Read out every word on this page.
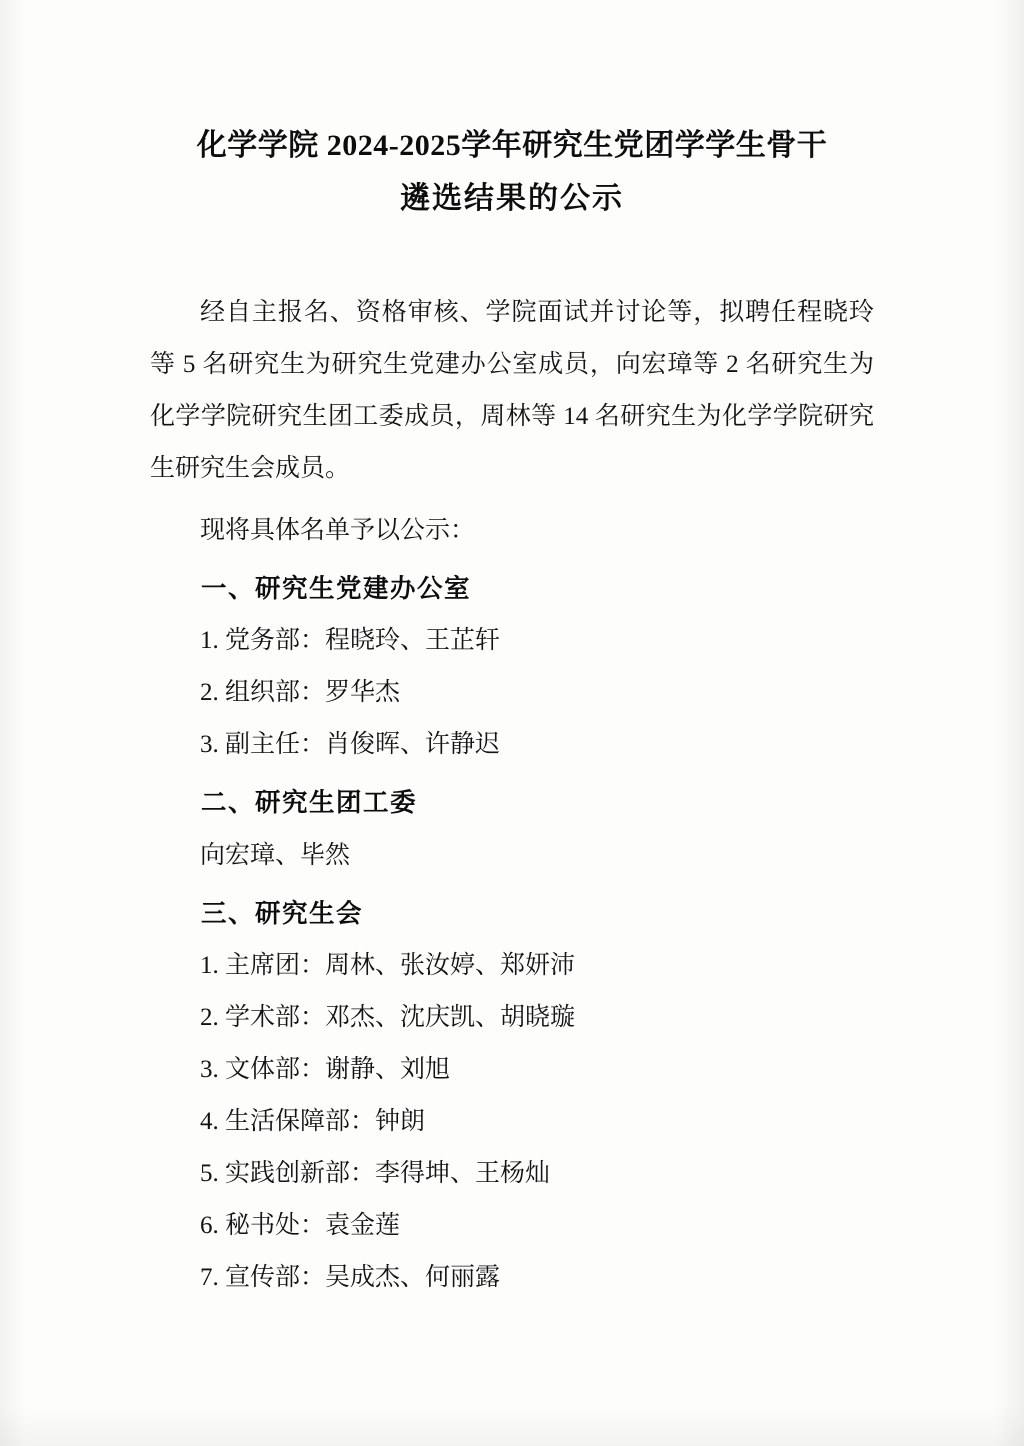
化学学院 2024-2025学年研究生党团学学生骨干
遴选结果的公示

经自主报名、资格审核、学院面试并讨论等，拟聘任程晓玲等 5 名研究生为研究生党建办公室成员，向宏璋等 2 名研究生为化学学院研究生团工委成员，周林等 14 名研究生为化学学院研究生研究生会成员。

现将具体名单予以公示：

一、研究生党建办公室

1. 党务部：程晓玲、王芷轩

2. 组织部：罗华杰

3. 副主任：肖俊晖、许静迟

二、研究生团工委

向宏璋、毕然

三、研究生会

1. 主席团：周林、张汝婷、郑妍沛

2. 学术部：邓杰、沈庆凯、胡晓璇

3. 文体部：谢静、刘旭

4. 生活保障部：钟朗

5. 实践创新部：李得坤、王杨灿

6. 秘书处：袁金莲

7. 宣传部：吴成杰、何丽露
